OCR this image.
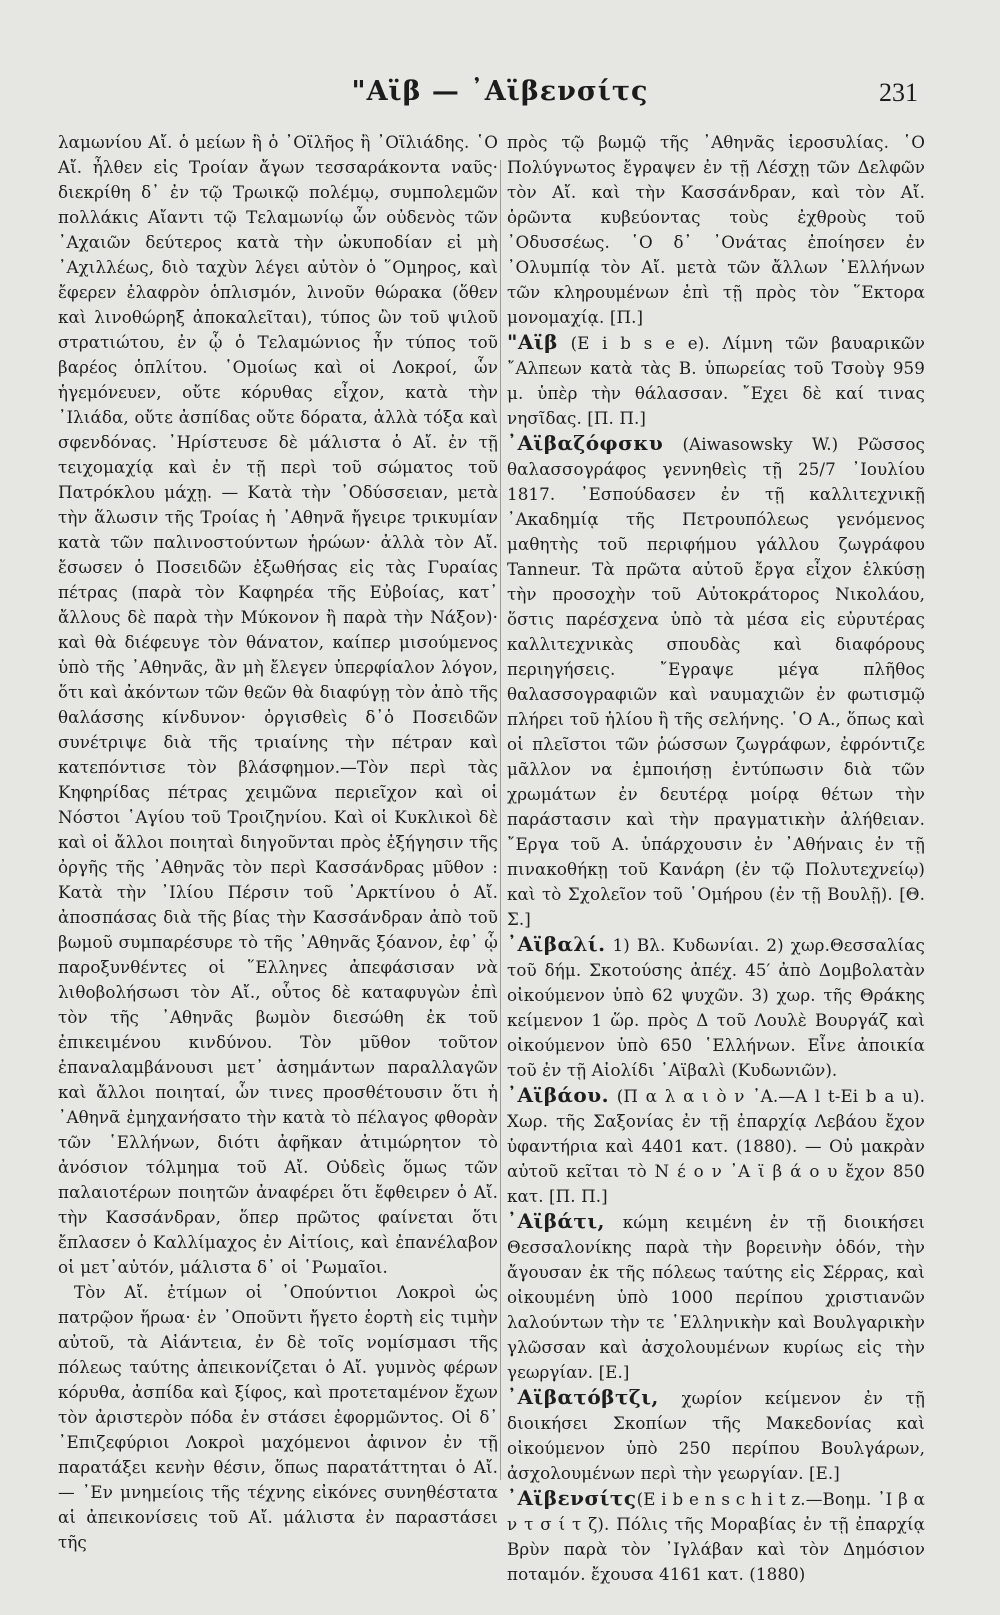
"Αϊβ — ᾽Αϊβενσίτς	231

λαμωνίου Αἴ. ὁ μείων ἢ ὁ ᾽Οϊλῆος ἢ ᾽Οϊλιάδης. ῾Ο Αἴ. ἦλθεν εἰς Τροίαν ἄγων τεσσαράκοντα ναῦς· διεκρίθη δ᾽ ἐν τῷ Τρωικῷ πολέμῳ, συμπολεμῶν πολλάκις Αἴαντι τῷ Τελαμωνίῳ ὧν οὐδενὸς τῶν ᾽Αχαιῶν δεύτερος κατὰ τὴν ὠκυποδίαν εἰ μὴ ᾽Αχιλλέως, διὸ ταχὺν λέγει αὐτὸν ὁ ῞Ομηρος, καὶ ἔφερεν ἐλαφρὸν ὁπλισμόν, λινοῦν θώρακα (ὅθεν καὶ λινοθώρηξ ἀποκαλεῖται), τύπος ὢν τοῦ ψιλοῦ στρατιώτου, ἐν ᾧ ὁ Τελαμώνιος ἦν τύπος τοῦ βαρέος ὁπλίτου. ῾Ομοίως καὶ οἱ Λοκροί, ὧν ἡγεμόνευεν, οὔτε κόρυθας εἶχον, κατὰ τὴν ᾽Ιλιάδα, οὔτε ἀσπίδας οὔτε δόρατα, ἀλλὰ τόξα καὶ σφενδόνας. ᾽Ηρίστευσε δὲ μάλιστα ὁ Αἴ. ἐν τῇ τειχομαχίᾳ καὶ ἐν τῇ περὶ τοῦ σώματος τοῦ Πατρόκλου μάχῃ. — Κατὰ τὴν ᾽Οδύσσειαν, μετὰ τὴν ἅλωσιν τῆς Τροίας ἡ ᾽Αθηνᾶ ἤγειρε τρικυμίαν κατὰ τῶν παλινοστούντων ἡρώων· ἀλλὰ τὸν Αἴ. ἔσωσεν ὁ Ποσειδῶν ἐξωθήσας εἰς τὰς Γυραίας πέτρας (παρὰ τὸν Καφηρέα τῆς Εὐβοίας, κατ᾽ ἄλλους δὲ παρὰ τὴν Μύκονον ἢ παρὰ τὴν Νάξον)· καὶ θὰ διέφευγε τὸν θάνατον, καίπερ μισούμενος ὑπὸ τῆς ᾽Αθηνᾶς, ἂν μὴ ἔλεγεν ὑπερφίαλον λόγον, ὅτι καὶ ἀκόντων τῶν θεῶν θὰ διαφύγῃ τὸν ἀπὸ τῆς θαλάσσης κίνδυνον· ὀργισθεὶς δ᾽ὁ Ποσειδῶν συνέτριψε διὰ τῆς τριαίνης τὴν πέτραν καὶ κατεπόντισε τὸν βλάσφημον.—Τὸν περὶ τὰς Κηφηρίδας πέτρας χειμῶνα περιεῖχον καὶ οἱ Νόστοι ῾Αγίου τοῦ Τροιζηνίου. Καὶ οἱ Κυκλικοὶ δὲ καὶ οἱ ἄλλοι ποιηταὶ διηγοῦνται πρὸς ἐξήγησιν τῆς ὀργῆς τῆς ᾽Αθηνᾶς τὸν περὶ Κασσάνδρας μῦθον : Κατὰ τὴν ᾽Ιλίου Πέρσιν τοῦ ᾽Αρκτίνου ὁ Αἴ. ἀποσπάσας διὰ τῆς βίας τὴν Κασσάνδραν ἀπὸ τοῦ βωμοῦ συμπαρέσυρε τὸ τῆς ᾽Αθηνᾶς ξόανον, ἐφ᾽ ᾧ παροξυνθέντες οἱ ῞Ελληνες ἀπεφάσισαν νὰ λιθοβολήσωσι τὸν Αἴ., οὗτος δὲ καταφυγὼν ἐπὶ τὸν τῆς ᾽Αθηνᾶς βωμὸν διεσώθη ἐκ τοῦ ἐπικειμένου κινδύνου. Τὸν μῦθον τοῦτον ἐπαναλαμβάνουσι μετ᾽ ἀσημάντων παραλλαγῶν καὶ ἄλλοι ποιηταί, ὧν τινες προσθέτουσιν ὅτι ἡ ᾽Αθηνᾶ ἐμηχανήσατο τὴν κατὰ τὸ πέλαγος φθορὰν τῶν ῾Ελλήνων, διότι ἀφῆκαν ἀτιμώρητον τὸ ἀνόσιον τόλμημα τοῦ Αἴ. Οὐδεὶς ὅμως τῶν παλαιοτέρων ποιητῶν ἀναφέρει ὅτι ἔφθειρεν ὁ Αἴ. τὴν Κασσάνδραν, ὅπερ πρῶτος φαίνεται ὅτι ἔπλασεν ὁ Καλλίμαχος ἐν Αἰτίοις, καὶ ἐπανέλαβον οἱ μετ᾽αὐτόν, μάλιστα δ᾽ οἱ ῾Ρωμαῖοι.

Τὸν Αἴ. ἐτίμων οἱ ᾽Οπούντιοι Λοκροὶ ὡς πατρῷον ἥρωα· ἐν ᾽Οποῦντι ἤγετο ἑορτὴ εἰς τιμὴν αὐτοῦ, τὰ Αἰάντεια, ἐν δὲ τοῖς νομίσμασι τῆς πόλεως ταύτης ἀπεικονίζεται ὁ Αἴ. γυμνὸς φέρων κόρυθα, ἀσπίδα καὶ ξίφος, καὶ προτεταμένον ἔχων τὸν ἀριστερὸν πόδα ἐν στάσει ἐφορμῶντος. Οἱ δ᾽ ᾽Επιζεφύριοι Λοκροὶ μαχόμενοι ἀφινον ἐν τῇ παρατάξει κενὴν θέσιν, ὅπως παρατάττηται ὁ Αἴ. — ᾽Εν μνημείοις τῆς τέχνης εἰκόνες συνηθέστατα αἱ ἀπεικονίσεις τοῦ Αἴ. μάλιστα ἐν παραστάσει τῆς

πρὸς τῷ βωμῷ τῆς ᾽Αθηνᾶς ἱεροσυλίας. ῾Ο Πολύγνωτος ἔγραψεν ἐν τῇ Λέσχῃ τῶν Δελφῶν τὸν Αἴ. καὶ τὴν Κασσάνδραν, καὶ τὸν Αἴ. ὁρῶντα κυβεύοντας τοὺς ἐχθροὺς τοῦ ᾽Οδυσσέως. ῾Ο δ᾽ ᾽Ονάτας ἐποίησεν ἐν ᾽Ολυμπίᾳ τὸν Αἴ. μετὰ τῶν ἄλλων ῾Ελλήνων τῶν κληρουμένων ἐπὶ τῇ πρὸς τὸν ῞Εκτορα μονομαχίᾳ. [Π.]

"Αϊβ (E i b s e e). Λίμνη τῶν βαυαρικῶν ῎Αλπεων κατὰ τὰς Β. ὑπωρείας τοῦ Τσοὺγ 959 μ. ὑπὲρ τὴν θάλασσαν. ῎Εχει δὲ καί τινας νησῖδας. [Π. Π.]

᾽Αϊβαζόφσκυ (Aiwasowsky W.) Ρῶσσος θαλασσογράφος γεννηθεὶς τῇ 25/7 ᾽Ιουλίου 1817. ᾽Εσπούδασεν ἐν τῇ καλλιτεχνικῇ ᾽Ακαδημίᾳ τῆς Πετρουπόλεως γενόμενος μαθητὴς τοῦ περιφήμου γάλλου ζωγράφου Tanneur. Τὰ πρῶτα αὐτοῦ ἔργα εἶχον ἑλκύσῃ τὴν προσοχὴν τοῦ Αὐτοκράτορος Νικολάου, ὅστις παρέσχενα ὑπὸ τὰ μέσα εἰς εὐρυτέρας καλλιτεχνικὰς σπουδὰς καὶ διαφόρους περιηγήσεις. ῎Εγραψε μέγα πλῆθος θαλασσογραφιῶν καὶ ναυμαχιῶν ἐν φωτισμῷ πλήρει τοῦ ἡλίου ἢ τῆς σελήνης. ῾Ο Α., ὅπως καὶ οἱ πλεῖστοι τῶν ῥώσσων ζωγράφων, ἐφρόντιζε μᾶλλον να ἐμποιήσῃ ἐντύπωσιν διὰ τῶν χρωμάτων ἐν δευτέρᾳ μοίρᾳ θέτων τὴν παράστασιν καὶ τὴν πραγματικὴν ἀλήθειαν. ῎Εργα τοῦ Α. ὑπάρχουσιν ἐν ᾽Αθήναις ἐν τῇ πινακοθήκῃ τοῦ Κανάρη (ἐν τῷ Πολυτεχνείῳ) καὶ τὸ Σχολεῖον τοῦ ῾Ομήρου (ἐν τῇ Βουλῇ). [Θ. Σ.]

᾽Αϊβαλί. 1) Βλ. Κυδωνίαι. 2) χωρ.Θεσσαλίας τοῦ δήμ. Σκοτούσης ἀπέχ. 45′ ἀπὸ Δομβολατὰν οἰκούμενον ὑπὸ 62 ψυχῶν. 3) χωρ. τῆς Θράκης κείμενον 1 ὥρ. πρὸς Δ τοῦ Λουλὲ Βουργάζ καὶ οἰκούμενον ὑπὸ 650 ῾Ελλήνων. Εἶνε ἀποικία τοῦ ἐν τῇ Αἰολίδι ᾽Αϊβαλὶ (Κυδωνιῶν).

᾽Αϊβάου. (Π α λ α ι ὸ ν ᾽Α.—A l t-Ei b a u). Χωρ. τῆς Σαξονίας ἐν τῇ ἐπαρχίᾳ Λεβάου ἔχον ὑφαντήρια καὶ 4401 κατ. (1880). — Οὐ μακρὰν αὐτοῦ κεῖται τὸ Ν έ ο ν ᾽Α ϊ β ά ο υ ἔχον 850 κατ. [Π. Π.]

᾽Αϊβάτι, κώμη κειμένη ἐν τῇ διοικήσει Θεσσαλονίκης παρὰ τὴν βορεινὴν ὁδόν, τὴν ἄγουσαν ἐκ τῆς πόλεως ταύτης εἰς Σέρρας, καὶ οἰκουμένη ὑπὸ 1000 περίπου χριστιανῶν λαλούντων τὴν τε ῾Ελληνικὴν καὶ Βουλγαρικὴν γλῶσσαν καὶ ἀσχολουμένων κυρίως εἰς τὴν γεωργίαν. [Ε.]

᾽Αϊβατόβτζι, χωρίον κείμενον ἐν τῇ διοικήσει Σκοπίων τῆς Μακεδονίας καὶ οἰκούμενον ὑπὸ 250 περίπου Βουλγάρων, ἀσχολουμένων περὶ τὴν γεωργίαν. [Ε.]

᾽Αϊβενσίτς(E i b e n s c h i t z.—Βοημ. ᾽Ι β α ν τ σ ί τ ζ). Πόλις τῆς Μοραβίας ἐν τῇ ἐπαρχίᾳ Βρὺν παρὰ τὸν ᾽Ιγλάβαν καὶ τὸν Δημόσιον ποταμόν. ἔχουσα 4161 κατ. (1880)
